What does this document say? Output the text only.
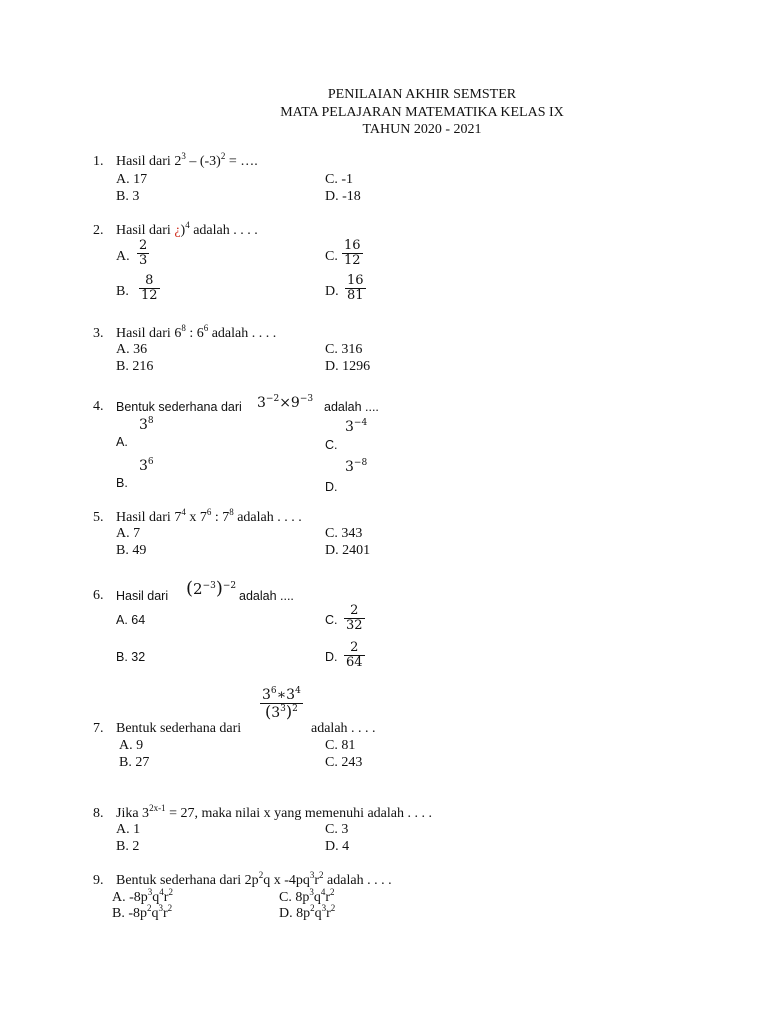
PENILAIAN AKHIR SEMSTER
MATA PELAJARAN MATEMATIKA KELAS IX
TAHUN 2020 - 2021
1. Hasil dari $2^3 - (-3)^2$ = ….
A. 17
B. 3
C. -1
D. -18
2. Hasil dari ¿)$^4$ adalah . . . .
A. $\frac{2}{3}$
B. $\frac{8}{12}$
C. $\frac{16}{12}$
D. $\frac{16}{81}$
3. Hasil dari $6^8$ : $6^6$ adalah . . . .
A. 36
B. 216
C. 316
D. 1296
4. Bentuk sederhana dari $3^{-2}\times 9^{-3}$
adalah ....
A.
$3^8$
B.
$3^6$
C.
$3^{-4}$
D.
$3^{-8}$
5. Hasil dari $7^4$ x $7^6$ : $7^8$ adalah . . . .
A. 7
B. 49
C. 343
D. 2401
6. Hasil dari $(2^{-3})^{-2}$
adalah ....
A. 64
B. 32
C. $\frac{2}{32}$
D. $\frac{2}{64}$
7. Bentuk sederhana dari
$\frac{3^6∗3^4}{(3^3)^2}$
adalah . . . .
A. 9
B. 27
C. 81
C. 243
8. Jika $3^{2x-1} = 27$, maka nilai x yang memenuhi adalah . . . .
A. 1
B. 2
C. 3
D. 4
9. Bentuk sederhana dari $2p^2q$ x $-4pq^3r^2$ adalah . . . .
A. $-8p^3q^4r^2$
B. $-8p^2q^3r^2$
C. $8p^3q^4r^2$
D. $8p^2q^3r^2$
